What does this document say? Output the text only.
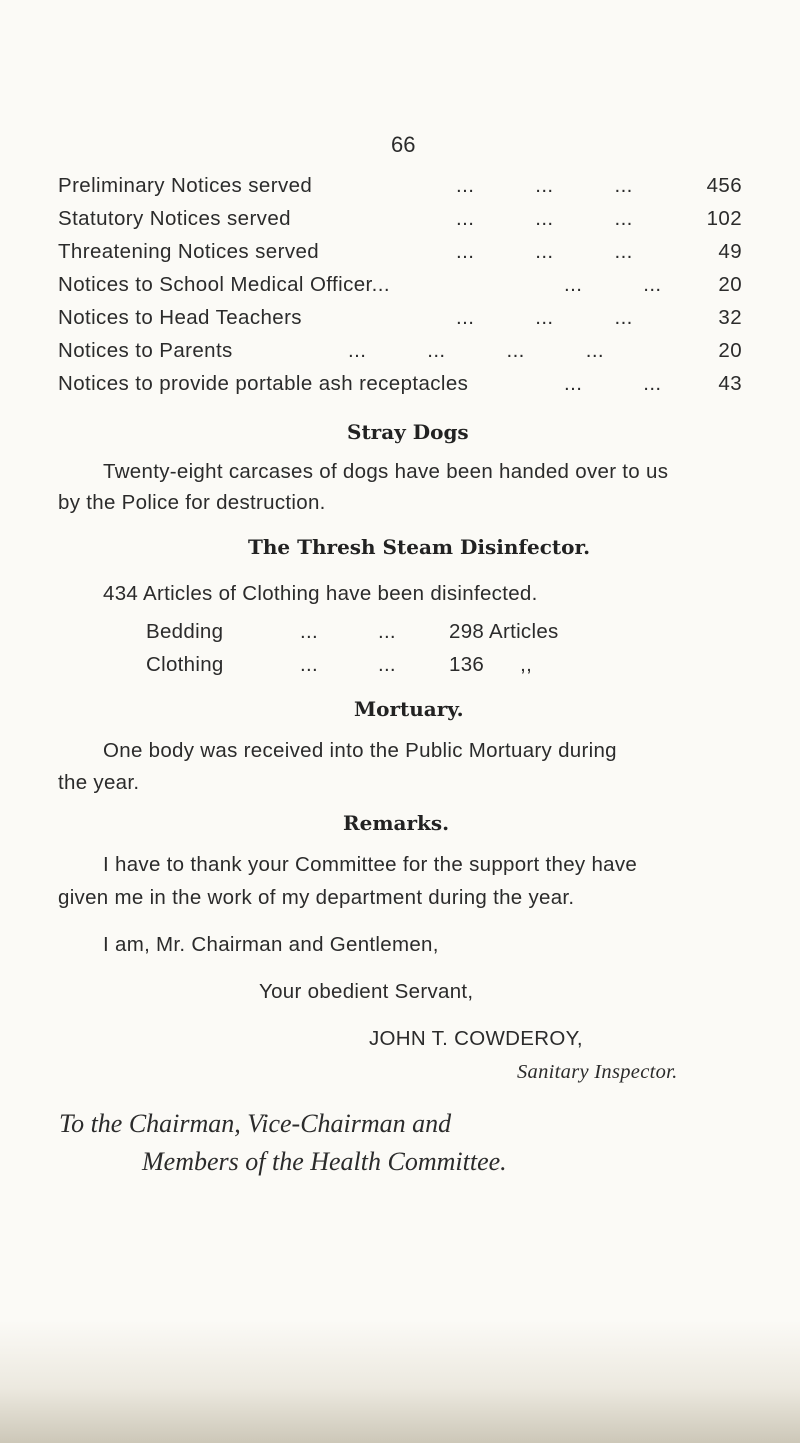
66
Preliminary Notices served	...          ...          ...	456
Statutory Notices served	...          ...          ...	102
Threatening Notices served	...          ...          ...	49
Notices to School Medical Officer...	...          ...	20
Notices to Head Teachers	...          ...          ...	32
Notices to Parents	...          ...          ...          ...	20
Notices to provide portable ash receptacles	...          ...	43
Stray Dogs
Twenty-eight carcases of dogs have been handed over to us
by the Police for destruction.
The Thresh Steam Disinfector.
434 Articles of Clothing have been disinfected.
Bedding	...          ...	298 Articles
Clothing	...          ...	136      ,,
Mortuary.
One body was received into the Public Mortuary during
the year.
Remarks.
I have to thank your Committee for the support they have
given me in the work of my department during the year.
I am, Mr. Chairman and Gentlemen,
Your obedient Servant,
JOHN T. COWDEROY,
Sanitary Inspector.
To the Chairman, Vice-Chairman and
Members of the Health Committee.
